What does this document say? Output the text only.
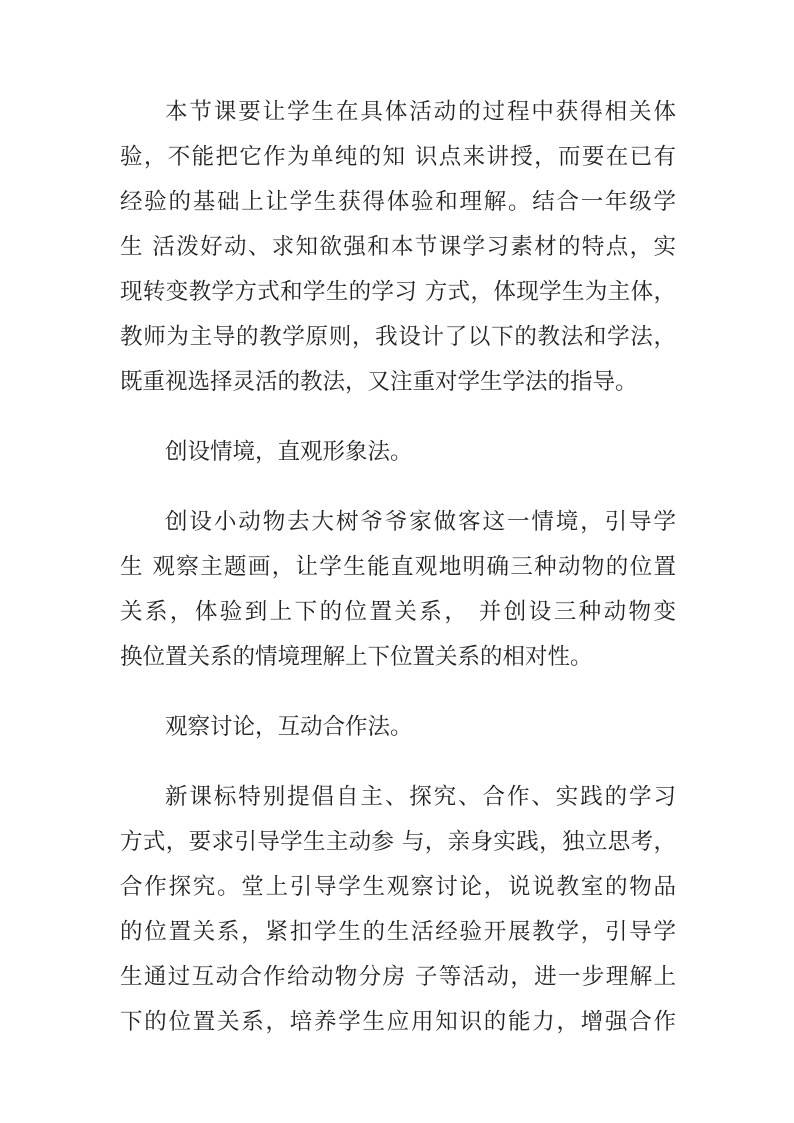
本节课要让学生在具体活动的过程中获得相关体
验，不能把它作为单纯的知 识点来讲授，而要在已有
经验的基础上让学生获得体验和理解。结合一年级学
生 活泼好动、求知欲强和本节课学习素材的特点，实
现转变教学方式和学生的学习 方式，体现学生为主体，
教师为主导的教学原则，我设计了以下的教法和学法，
既重视选择灵活的教法，又注重对学生学法的指导。
创设情境，直观形象法。
创设小动物去大树爷爷家做客这一情境，引导学
生 观察主题画，让学生能直观地明确三种动物的位置
关系，体验到上下的位置关系， 并创设三种动物变
换位置关系的情境理解上下位置关系的相对性。
观察讨论，互动合作法。
新课标特别提倡自主、探究、合作、实践的学习
方式，要求引导学生主动参 与，亲身实践，独立思考，
合作探究。堂上引导学生观察讨论，说说教室的物品
的位置关系，紧扣学生的生活经验开展教学，引导学
生通过互动合作给动物分房 子等活动，进一步理解上
下的位置关系，培养学生应用知识的能力，增强合作
